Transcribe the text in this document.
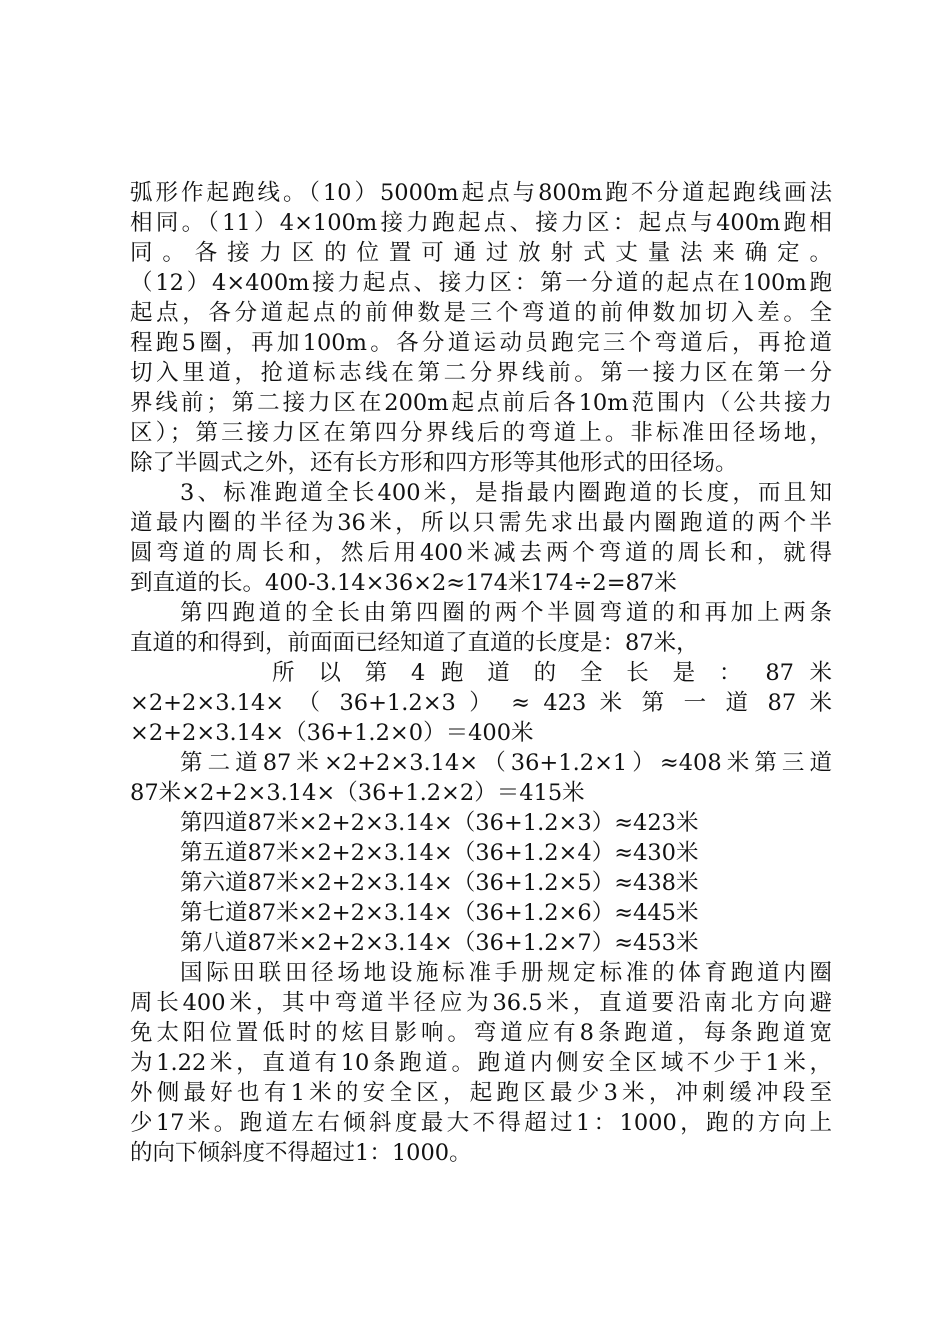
弧形作起跑线。（10）5000m起点与800m跑不分道起跑线画法
相同。（11）4×100m接力跑起点、接力区：起点与400m跑相
同。各接力区的位置可通过放射式丈量法来确定。
（12）4×400m接力起点、接力区：第一分道的起点在100m跑
起点，各分道起点的前伸数是三个弯道的前伸数加切入差。全
程跑5圈，再加100m。各分道运动员跑完三个弯道后，再抢道
切入里道，抢道标志线在第二分界线前。第一接力区在第一分
界线前；第二接力区在200m起点前后各10m范围内（公共接力
区）；第三接力区在第四分界线后的弯道上。非标准田径场地，
除了半圆式之外，还有长方形和四方形等其他形式的田径场。
3、标准跑道全长400米，是指最内圈跑道的长度，而且知
道最内圈的半径为36米，所以只需先求出最内圈跑道的两个半
圆弯道的周长和，然后用400米减去两个弯道的周长和，就得
到直道的长。400-3.14×36×2≈174米174÷2=87米
第四跑道的全长由第四圈的两个半圆弯道的和再加上两条
直道的和得到，前面面已经知道了直道的长度是：87米，
所 以 第 4 跑 道 的 全 长 是 ： 87 米
×2+2×3.14× （ 36+1.2×3 ） ≈ 423 米 第 一 道 87 米
×2+2×3.14×（36+1.2×0）＝400米
第二道87米×2+2×3.14×（36+1.2×1）≈408米第三道
87米×2+2×3.14×（36+1.2×2）＝415米
第四道87米×2+2×3.14×（36+1.2×3）≈423米
第五道87米×2+2×3.14×（36+1.2×4）≈430米
第六道87米×2+2×3.14×（36+1.2×5）≈438米
第七道87米×2+2×3.14×（36+1.2×6）≈445米
第八道87米×2+2×3.14×（36+1.2×7）≈453米
国际田联田径场地设施标准手册规定标准的体育跑道内圈
周长400米，其中弯道半径应为36.5米，直道要沿南北方向避
免太阳位置低时的炫目影响。弯道应有8条跑道，每条跑道宽
为1.22米，直道有10条跑道。跑道内侧安全区域不少于1米，
外侧最好也有1米的安全区，起跑区最少3米，冲刺缓冲段至
少17米。跑道左右倾斜度最大不得超过1：1000，跑的方向上
的向下倾斜度不得超过1：1000。
